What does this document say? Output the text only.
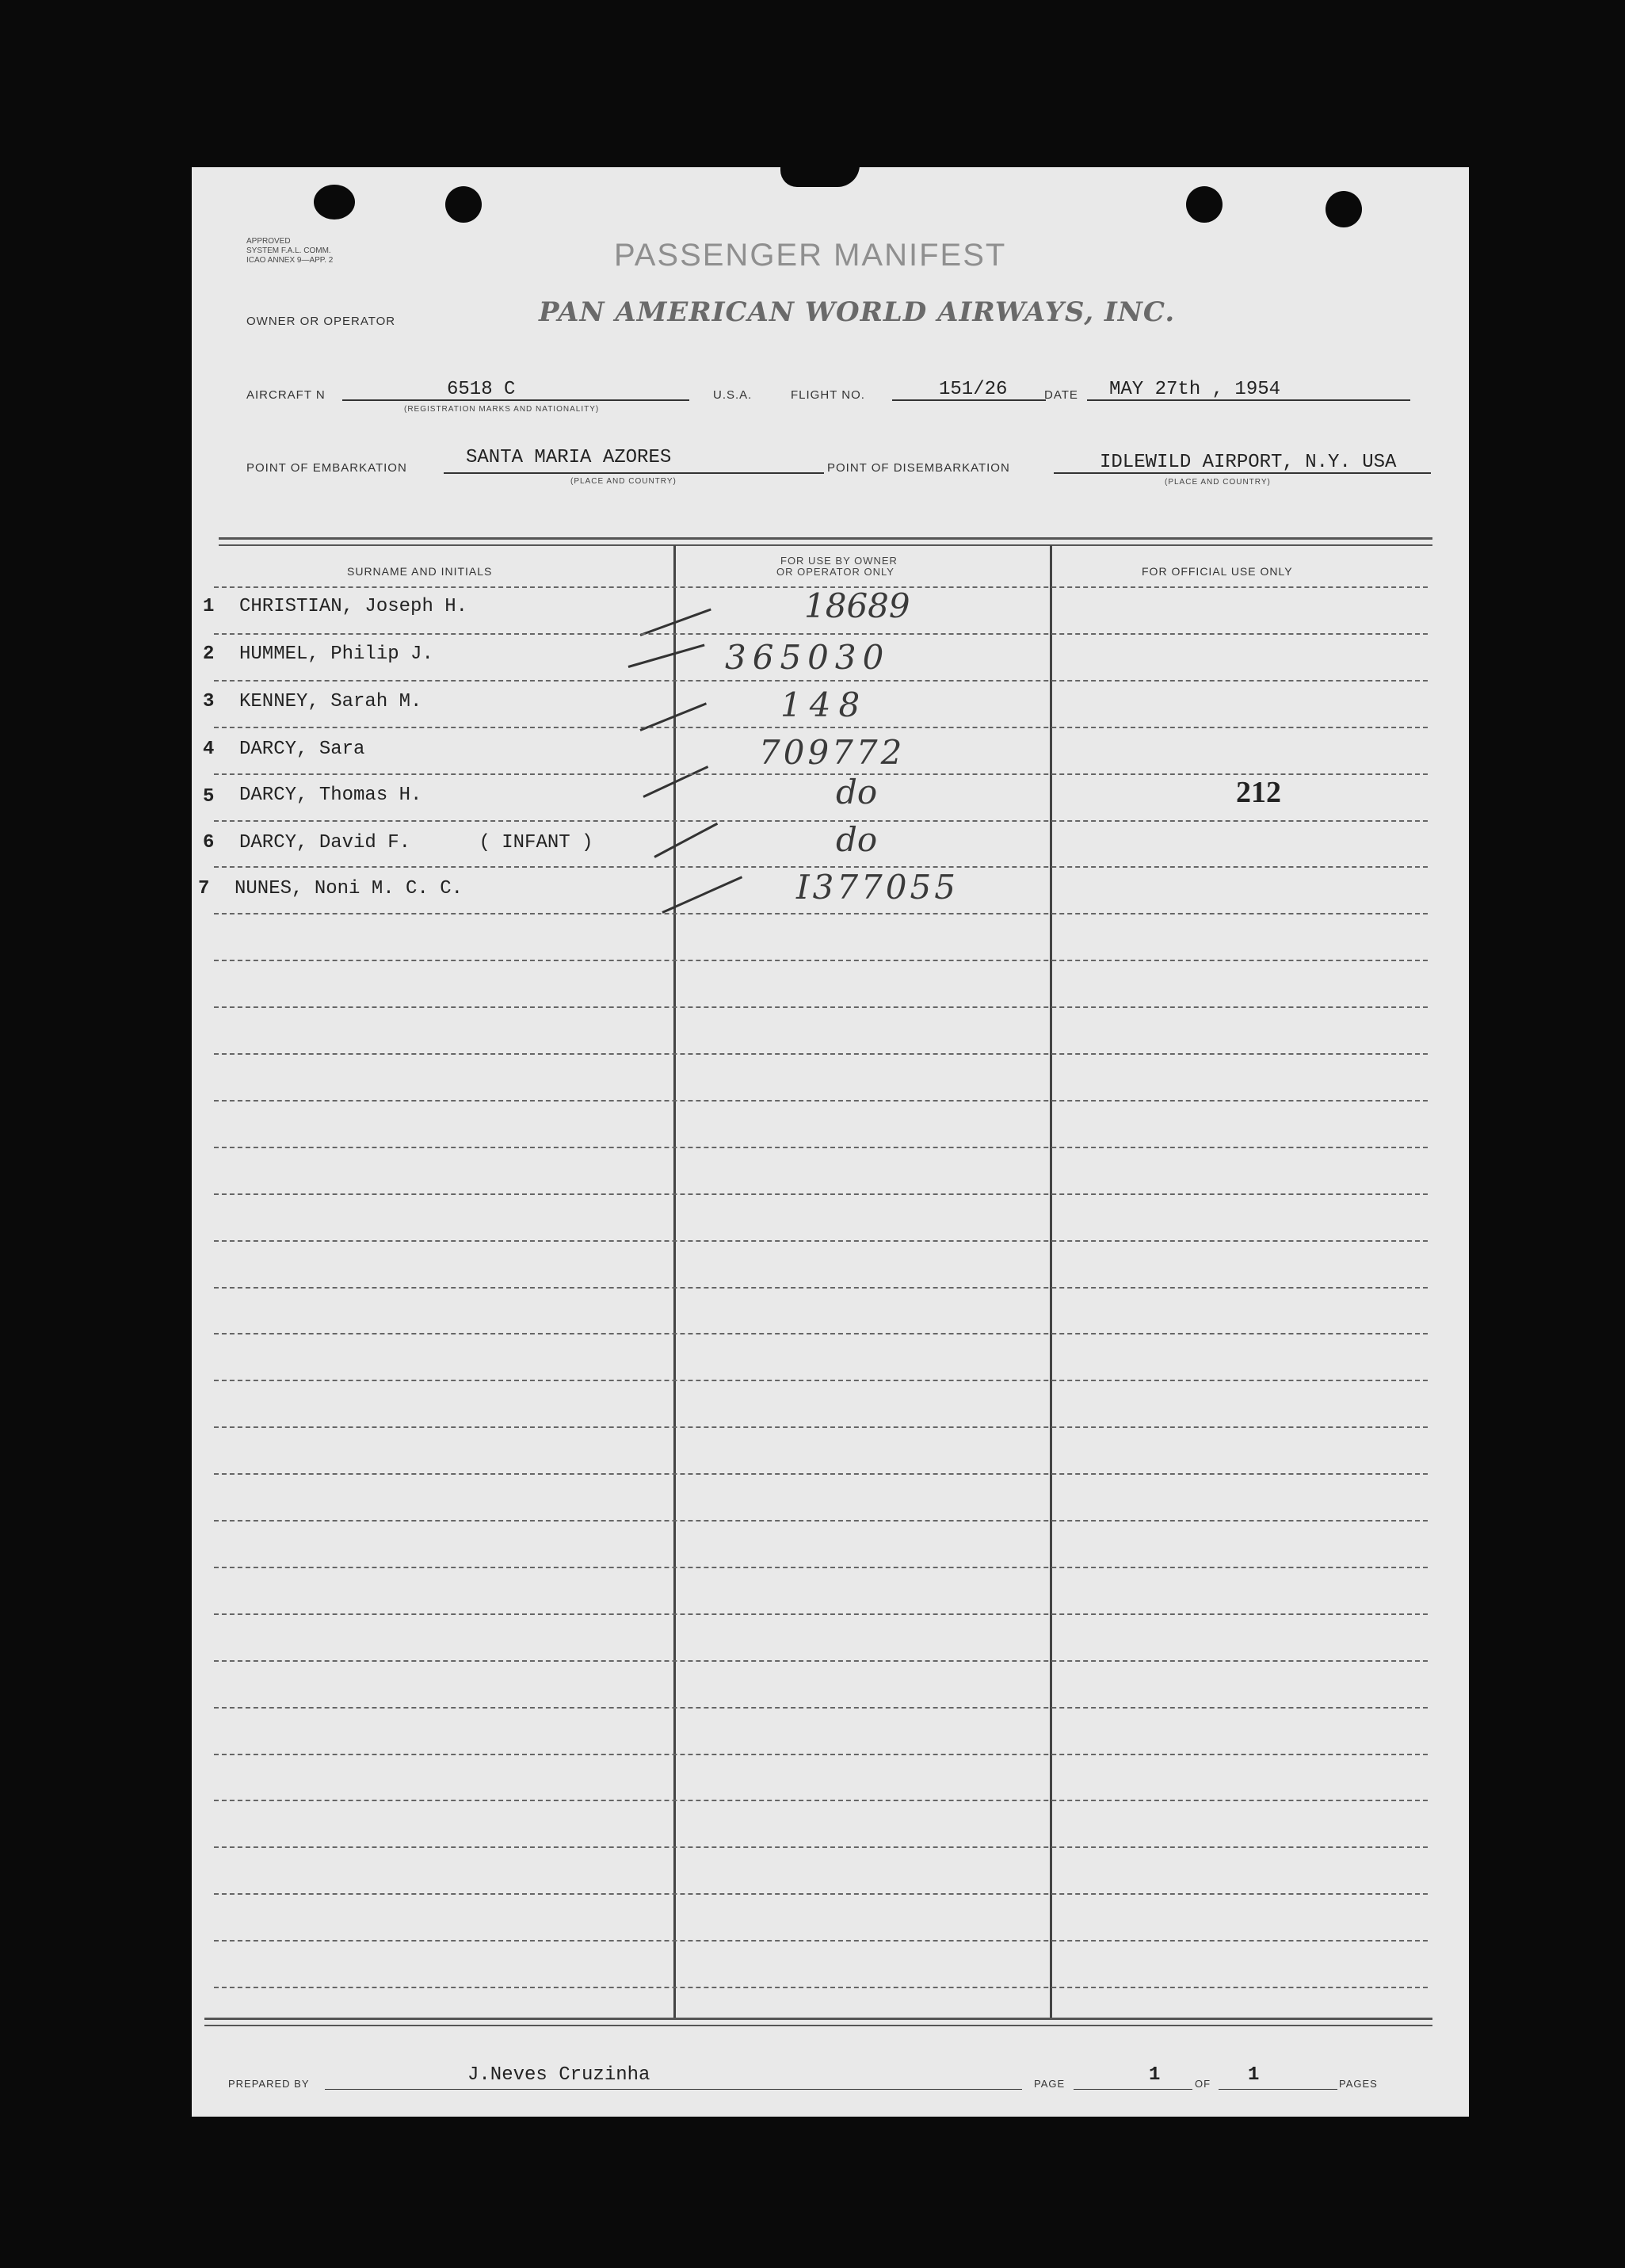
APPROVED
SYSTEM F.A.L. COMM.
ICAO ANNEX 9—APP. 2	PASSENGER MANIFEST
OWNER OR OPERATOR	PAN AMERICAN WORLD AIRWAYS, INC.
AIRCRAFT N	6518 C
(REGISTRATION MARKS AND NATIONALITY)
U.S.A.	FLIGHT NO.	151/26	DATE MAY 27th , 1954
POINT OF EMBARKATION	SANTA MARIA AZORES
(PLACE AND COUNTRY)
POINT OF DISEMBARKATION	IDLEWILD AIRPORT, N.Y. USA
(PLACE AND COUNTRY)
SURNAME AND INITIALS
FOR USE BY OWNER
OR OPERATOR ONLY	FOR OFFICIAL USE ONLY
1 CHRISTIAN, Joseph H.	18689
2 HUMMEL, Philip J.	365030
3 KENNEY, Sarah M.	148
4 DARCY, Sara	709772
5 DARCY, Thomas H.	do	212
6 DARCY, David F.      ( INFANT )	do
7 NUNES, Noni M. C. C.	I377055
PREPARED BY	J.Neves Cruzinha	PAGE	1	OF 1	PAGES
